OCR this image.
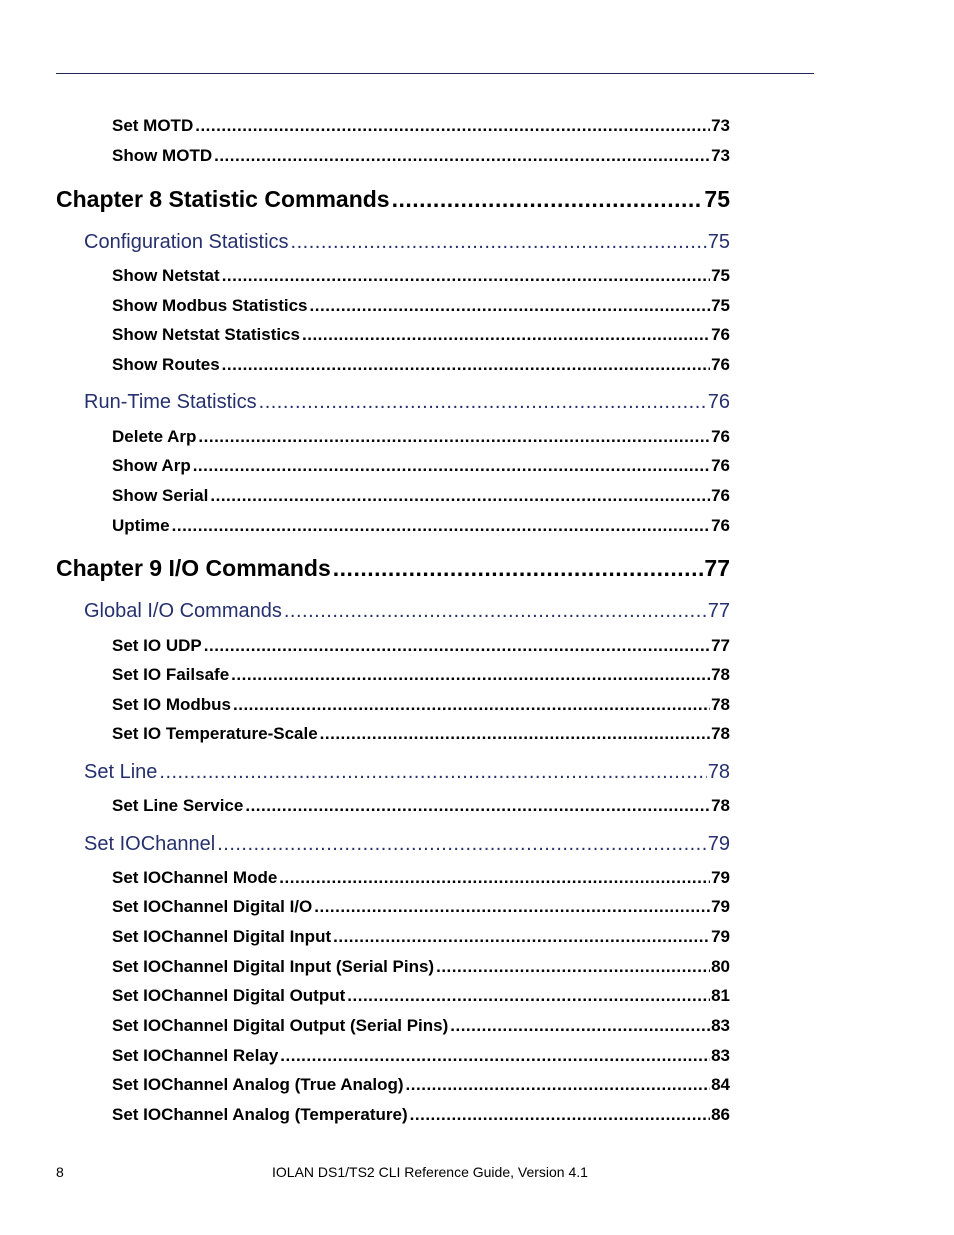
Set MOTD .....	73
Show MOTD .....	73
Chapter 8 Statistic Commands .....	75
Configuration Statistics .....	75
Show Netstat .....	75
Show Modbus Statistics .....	75
Show Netstat Statistics .....	76
Show Routes .....	76
Run-Time Statistics .....	76
Delete Arp .....	76
Show Arp .....	76
Show Serial .....	76
Uptime .....	76
Chapter 9 I/O Commands .....	77
Global I/O Commands .....	77
Set IO UDP .....	77
Set IO Failsafe .....	78
Set IO Modbus .....	78
Set IO Temperature-Scale .....	78
Set Line .....	78
Set Line Service .....	78
Set IOChannel .....	79
Set IOChannel Mode .....	79
Set IOChannel Digital I/O .....	79
Set IOChannel Digital Input .....	79
Set IOChannel Digital Input (Serial Pins) .....	80
Set IOChannel Digital Output .....	81
Set IOChannel Digital Output (Serial Pins) .....	83
Set IOChannel Relay .....	83
Set IOChannel Analog (True Analog) .....	84
Set IOChannel Analog (Temperature) .....	86
8	IOLAN DS1/TS2 CLI Reference Guide, Version 4.1
